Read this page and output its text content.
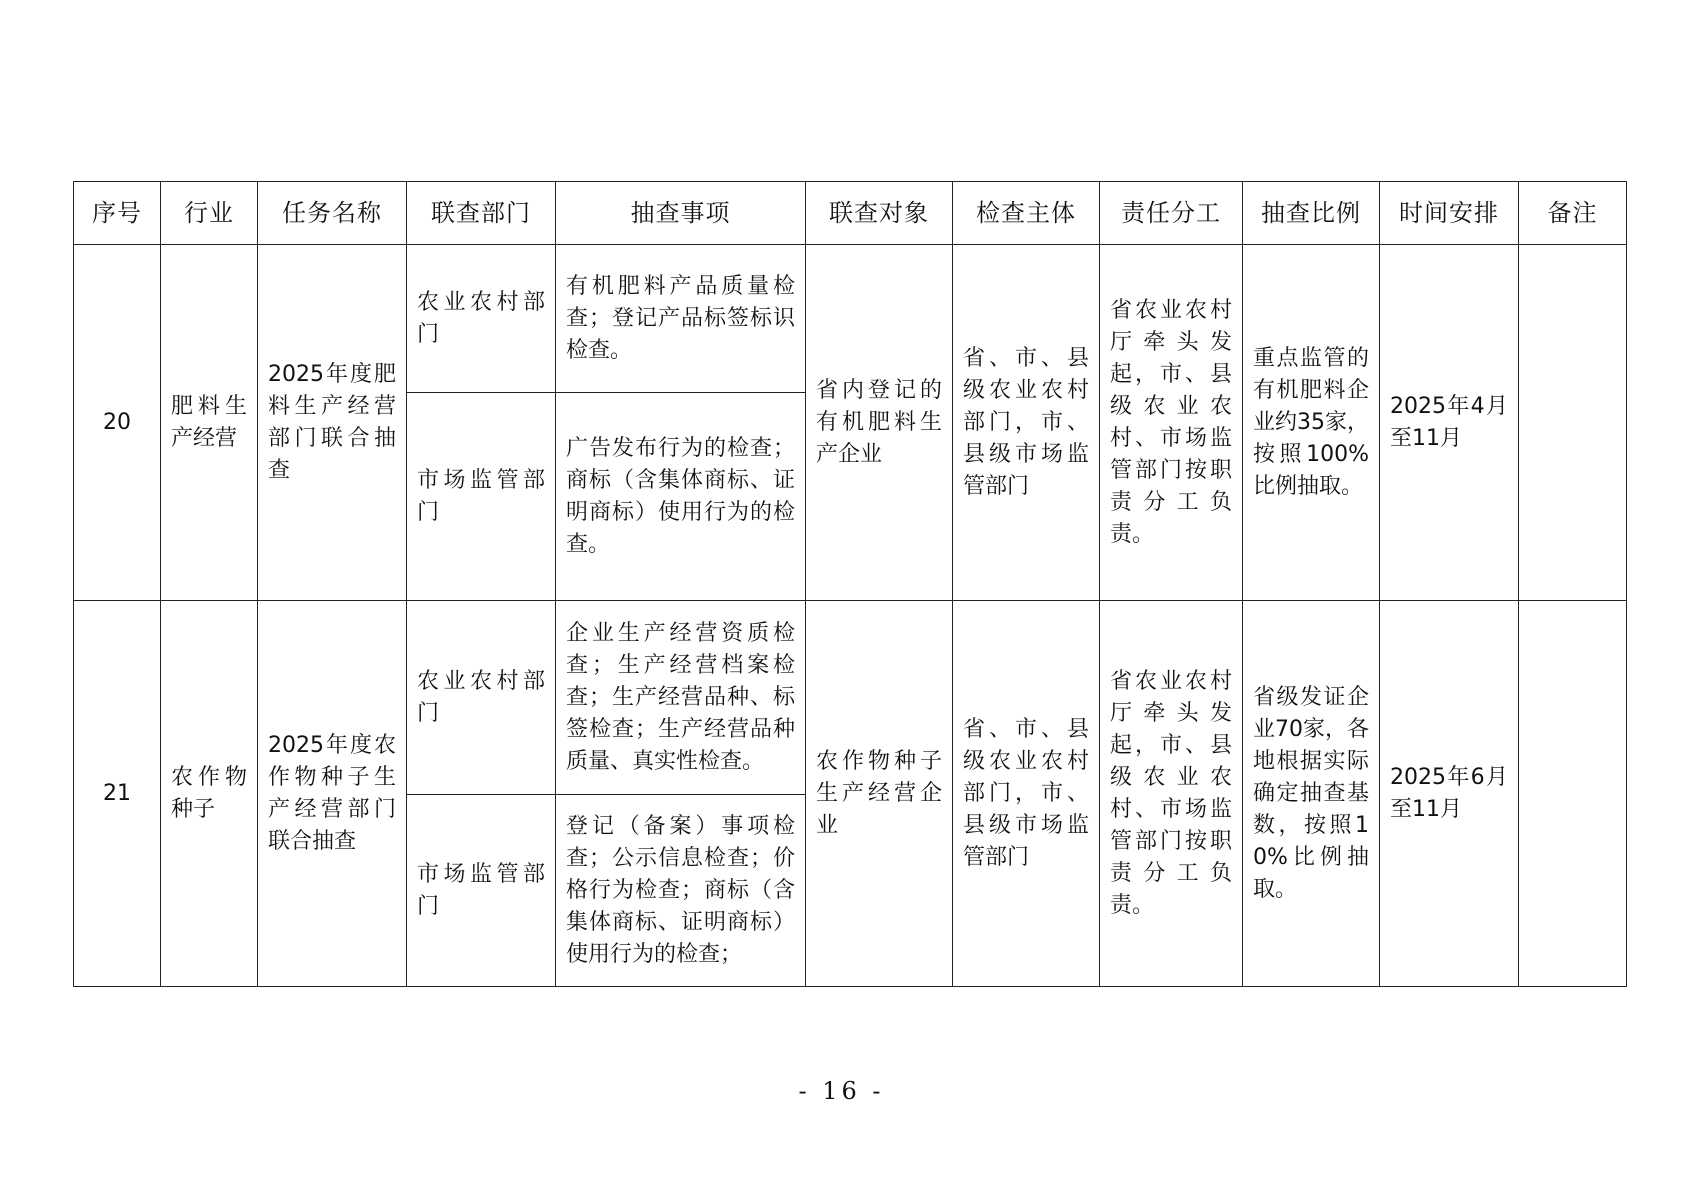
序号	行业	任务名称	联查部门	抽查事项	联查对象	检查主体	责任分工	抽查比例	时间安排	备注
20	肥料生产经营	2025年度肥料生产经营部门联合抽查	农业农村部门	有机肥料产品质量检查；登记产品标签标识检查。	省内登记的有机肥料生产企业	省、市、县级农业农村部门，市、县级市场监管部门	省农业农村厅牵头发起，市、县级农业农村、市场监管部门按职责分工负责。	重点监管的有机肥料企业约35家，按照100%比例抽取。	2025年4月至11月	

			市场监管部门	广告发布行为的检查；商标（含集体商标、证明商标）使用行为的检查。						

21	农作物种子	2025年度农作物种子生产经营部门联合抽查	农业农村部门	企业生产经营资质检查；生产经营档案检查；生产经营品种、标签检查；生产经营品种质量、真实性检查。	农作物种子生产经营企业	省、市、县级农业农村部门，市、县级市场监管部门	省农业农村厅牵头发起，市、县级农业农村、市场监管部门按职责分工负责。	省级发证企业70家，各地根据实际确定抽查基数，按照10%比例抽取。	2025年6月至11月	

			市场监管部门	登记（备案）事项检查；公示信息检查；价格行为检查；商标（含集体商标、证明商标）使用行为的检查；						
- 16 -
